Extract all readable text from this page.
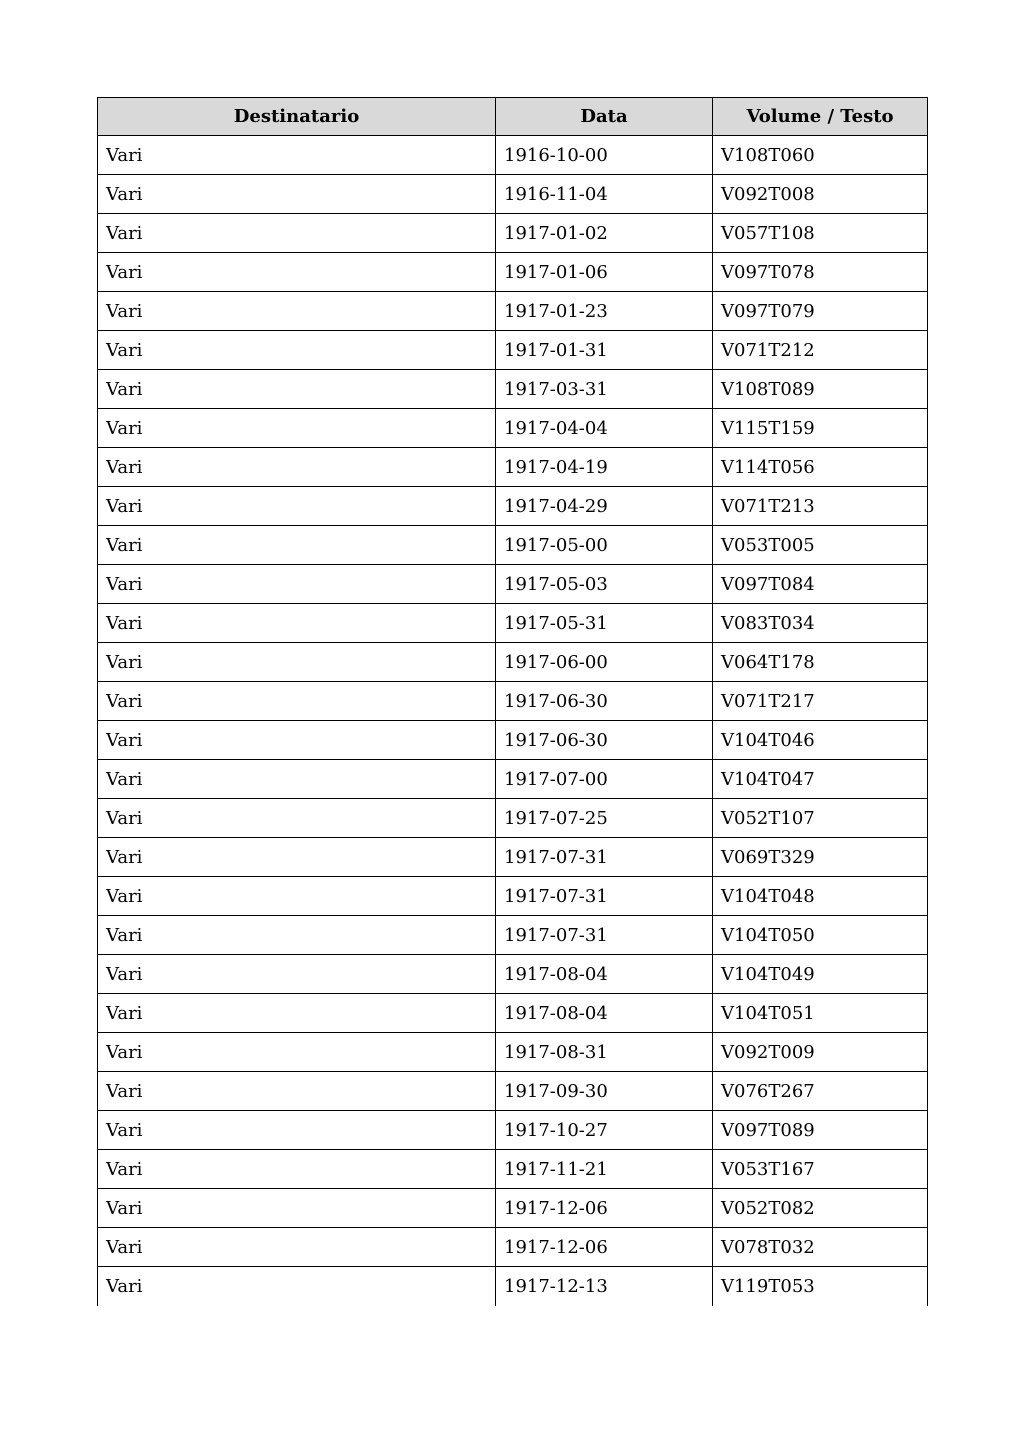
Destinatario	Data	Volume / Testo
Vari	1916-10-00	V108T060
Vari	1916-11-04	V092T008
Vari	1917-01-02	V057T108
Vari	1917-01-06	V097T078
Vari	1917-01-23	V097T079
Vari	1917-01-31	V071T212
Vari	1917-03-31	V108T089
Vari	1917-04-04	V115T159
Vari	1917-04-19	V114T056
Vari	1917-04-29	V071T213
Vari	1917-05-00	V053T005
Vari	1917-05-03	V097T084
Vari	1917-05-31	V083T034
Vari	1917-06-00	V064T178
Vari	1917-06-30	V071T217
Vari	1917-06-30	V104T046
Vari	1917-07-00	V104T047
Vari	1917-07-25	V052T107
Vari	1917-07-31	V069T329
Vari	1917-07-31	V104T048
Vari	1917-07-31	V104T050
Vari	1917-08-04	V104T049
Vari	1917-08-04	V104T051
Vari	1917-08-31	V092T009
Vari	1917-09-30	V076T267
Vari	1917-10-27	V097T089
Vari	1917-11-21	V053T167
Vari	1917-12-06	V052T082
Vari	1917-12-06	V078T032
Vari	1917-12-13	V119T053
